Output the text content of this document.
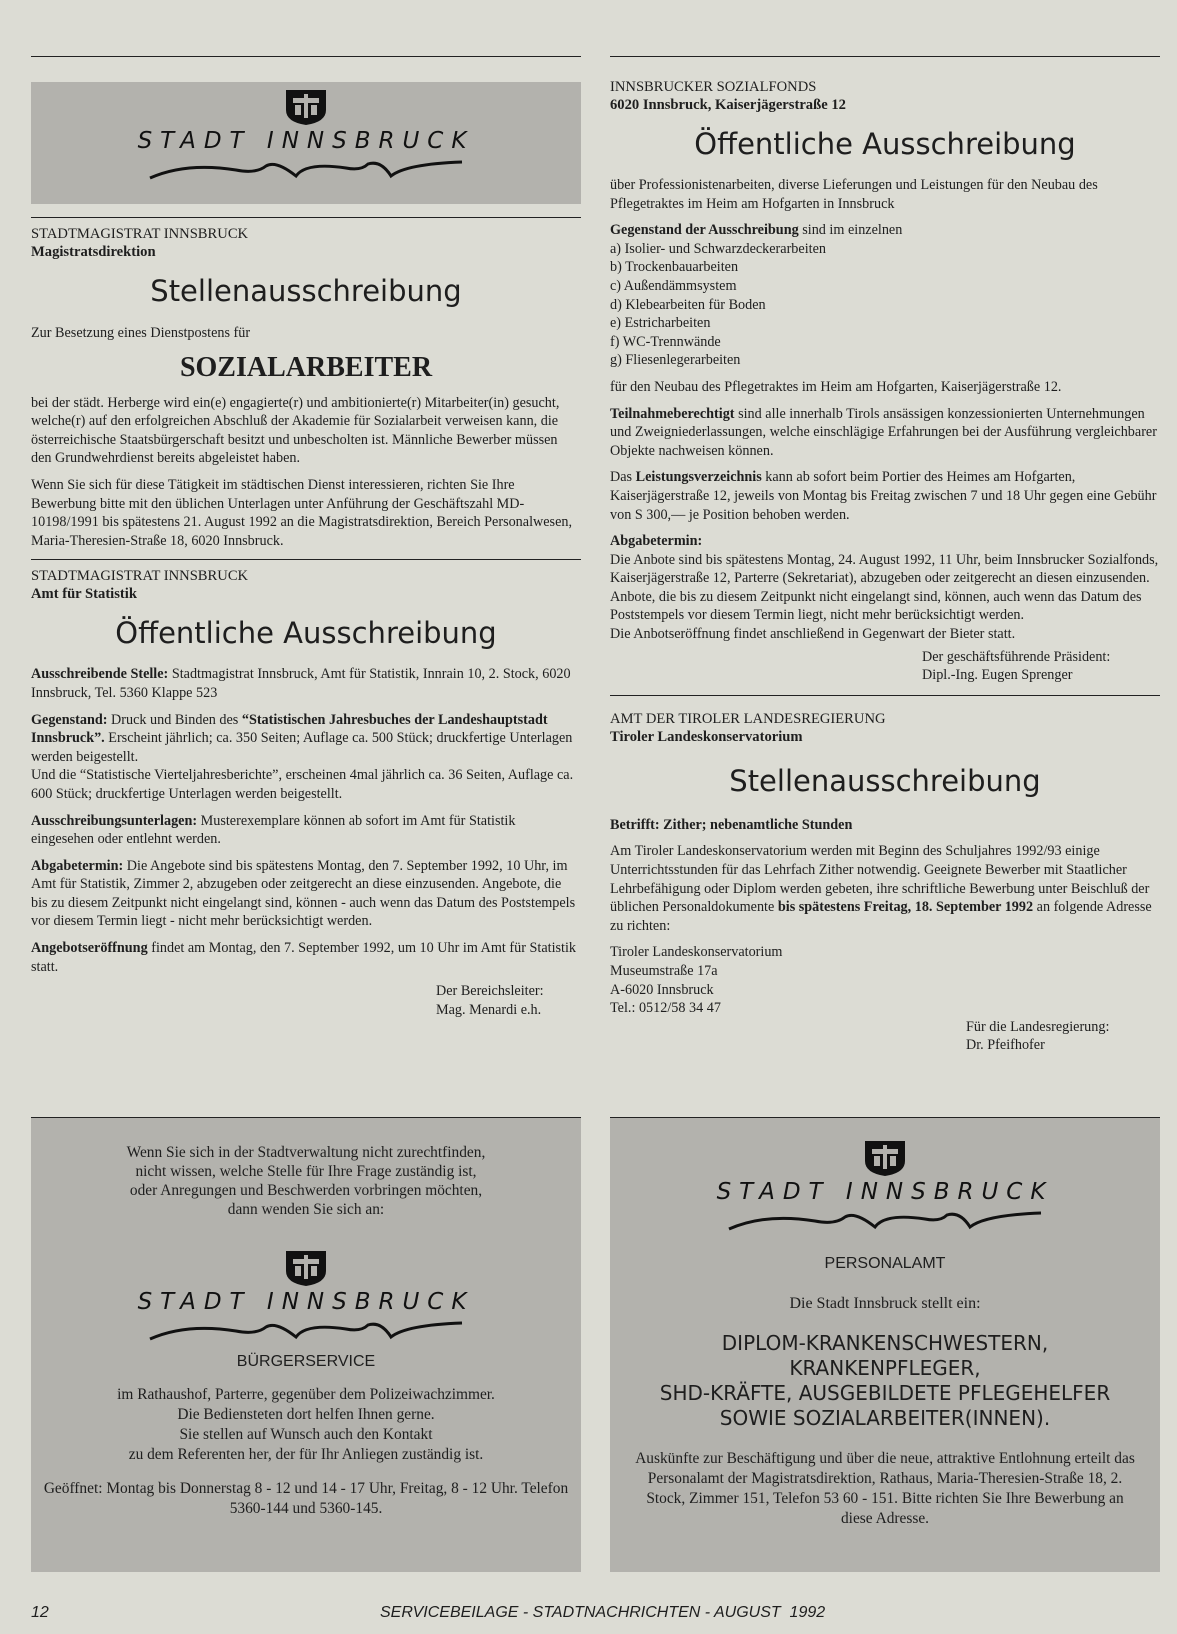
STADT INNSBRUCK
STADTMAGISTRAT INNSBRUCK
Magistratsdirektion
Stellenausschreibung

Zur Besetzung eines Dienstpostens für

SOZIALARBEITER

bei der städt. Herberge wird ein(e) engagierte(r) und ambitionierte(r) Mitarbeiter(in) gesucht, welche(r) auf den erfolgreichen Abschluß der Akademie für Sozialarbeit verweisen kann, die österreichische Staatsbürgerschaft besitzt und unbescholten ist. Männliche Bewerber müssen den Grundwehrdienst bereits abgeleistet haben.

Wenn Sie sich für diese Tätigkeit im städtischen Dienst interessieren, richten Sie Ihre Bewerbung bitte mit den üblichen Unterlagen unter Anführung der Geschäftszahl MD-10198/1991 bis spätestens 21. August 1992 an die Magistratsdirektion, Bereich Personalwesen, Maria-Theresien-Straße 18, 6020 Innsbruck.

STADTMAGISTRAT INNSBRUCK
Amt für Statistik
Öffentliche Ausschreibung

Ausschreibende Stelle: Stadtmagistrat Innsbruck, Amt für Statistik, Innrain 10, 2. Stock, 6020 Innsbruck, Tel. 5360 Klappe 523

Gegenstand: Druck und Binden des “Statistischen Jahresbuches der Landeshauptstadt Innsbruck”. Erscheint jährlich; ca. 350 Seiten; Auflage ca. 500 Stück; druckfertige Unterlagen werden beigestellt.

Und die “Statistische Vierteljahresberichte”, erscheinen 4mal jährlich ca. 36 Seiten, Auflage ca. 600 Stück; druckfertige Unterlagen werden beigestellt.

Ausschreibungsunterlagen: Musterexemplare können ab sofort im Amt für Statistik eingesehen oder entlehnt werden.

Abgabetermin: Die Angebote sind bis spätestens Montag, den 7. September 1992, 10 Uhr, im Amt für Statistik, Zimmer 2, abzugeben oder zeitgerecht an diese einzusenden. Angebote, die bis zu diesem Zeitpunkt nicht eingelangt sind, können - auch wenn das Datum des Poststempels vor diesem Termin liegt - nicht mehr berücksichtigt werden.

Angebotseröffnung findet am Montag, den 7. September 1992, um 10 Uhr im Amt für Statistik statt.

Der Bereichsleiter:
Mag. Menardi e.h.
INNSBRUCKER SOZIALFONDS
6020 Innsbruck, Kaiserjägerstraße 12
Öffentliche Ausschreibung

über Professionistenarbeiten, diverse Lieferungen und Leistungen für den Neubau des Pflegetraktes im Heim am Hofgarten in Innsbruck

Gegenstand der Ausschreibung sind im einzelnen

a) Isolier- und Schwarzdeckerarbeiten
b) Trockenbauarbeiten
c) Außendämmsystem
d) Klebearbeiten für Boden
e) Estricharbeiten
f) WC-Trennwände
g) Fliesenlegerarbeiten

für den Neubau des Pflegetraktes im Heim am Hofgarten, Kaiserjägerstraße 12.

Teilnahmeberechtigt sind alle innerhalb Tirols ansässigen konzessionierten Unternehmungen und Zweigniederlassungen, welche einschlägige Erfahrungen bei der Ausführung vergleichbarer Objekte nachweisen können.

Das Leistungsverzeichnis kann ab sofort beim Portier des Heimes am Hofgarten, Kaiserjägerstraße 12, jeweils von Montag bis Freitag zwischen 7 und 18 Uhr gegen eine Gebühr von S 300,— je Position behoben werden.

Abgabetermin:

Die Anbote sind bis spätestens Montag, 24. August 1992, 11 Uhr, beim Innsbrucker Sozialfonds, Kaiserjägerstraße 12, Parterre (Sekretariat), abzugeben oder zeitgerecht an diesen einzusenden. Anbote, die bis zu diesem Zeitpunkt nicht eingelangt sind, können, auch wenn das Datum des Poststempels vor diesem Termin liegt, nicht mehr berücksichtigt werden.

Die Anbotseröffnung findet anschließend in Gegenwart der Bieter statt.

Der geschäftsführende Präsident:
Dipl.-Ing. Eugen Sprenger
AMT DER TIROLER LANDESREGIERUNG
Tiroler Landeskonservatorium
Stellenausschreibung

Betrifft: Zither; nebenamtliche Stunden

Am Tiroler Landeskonservatorium werden mit Beginn des Schuljahres 1992/93 einige Unterrichtsstunden für das Lehrfach Zither notwendig. Geeignete Bewerber mit Staatlicher Lehrbefähigung oder Diplom werden gebeten, ihre schriftliche Bewerbung unter Beischluß der üblichen Personaldokumente bis spätestens Freitag, 18. September 1992 an folgende Adresse zu richten:

Tiroler Landeskonservatorium
Museumstraße 17a
A-6020 Innsbruck
Tel.: 0512/58 34 47
Für die Landesregierung:
Dr. Pfeifhofer
Wenn Sie sich in der Stadtverwaltung nicht zurechtfinden,
nicht wissen, welche Stelle für Ihre Frage zuständig ist,
oder Anregungen und Beschwerden vorbringen möchten,
dann wenden Sie sich an:
STADT INNSBRUCK
BÜRGERSERVICE
im Rathaushof, Parterre, gegenüber dem Polizeiwachzimmer.
Die Bediensteten dort helfen Ihnen gerne.
Sie stellen auf Wunsch auch den Kontakt
zu dem Referenten her, der für Ihr Anliegen zuständig ist.
Geöffnet: Montag bis Donnerstag 8 - 12 und 14 - 17 Uhr, Freitag, 8 - 12 Uhr. Telefon 5360-144 und 5360-145.
STADT INNSBRUCK
PERSONALAMT
Die Stadt Innsbruck stellt ein:
DIPLOM-KRANKENSCHWESTERN,
KRANKENPFLEGER,
SHD-KRÄFTE, AUSGEBILDETE PFLEGEHELFER
SOWIE SOZIALARBEITER(INNEN).
Auskünfte zur Beschäftigung und über die neue, attraktive Entlohnung erteilt das Personalamt der Magistratsdirektion, Rathaus, Maria-Theresien-Straße 18, 2. Stock, Zimmer 151, Telefon 53 60 - 151. Bitte richten Sie Ihre Bewerbung an diese Adresse.
12	SERVICEBEILAGE - STADTNACHRICHTEN - AUGUST  1992
